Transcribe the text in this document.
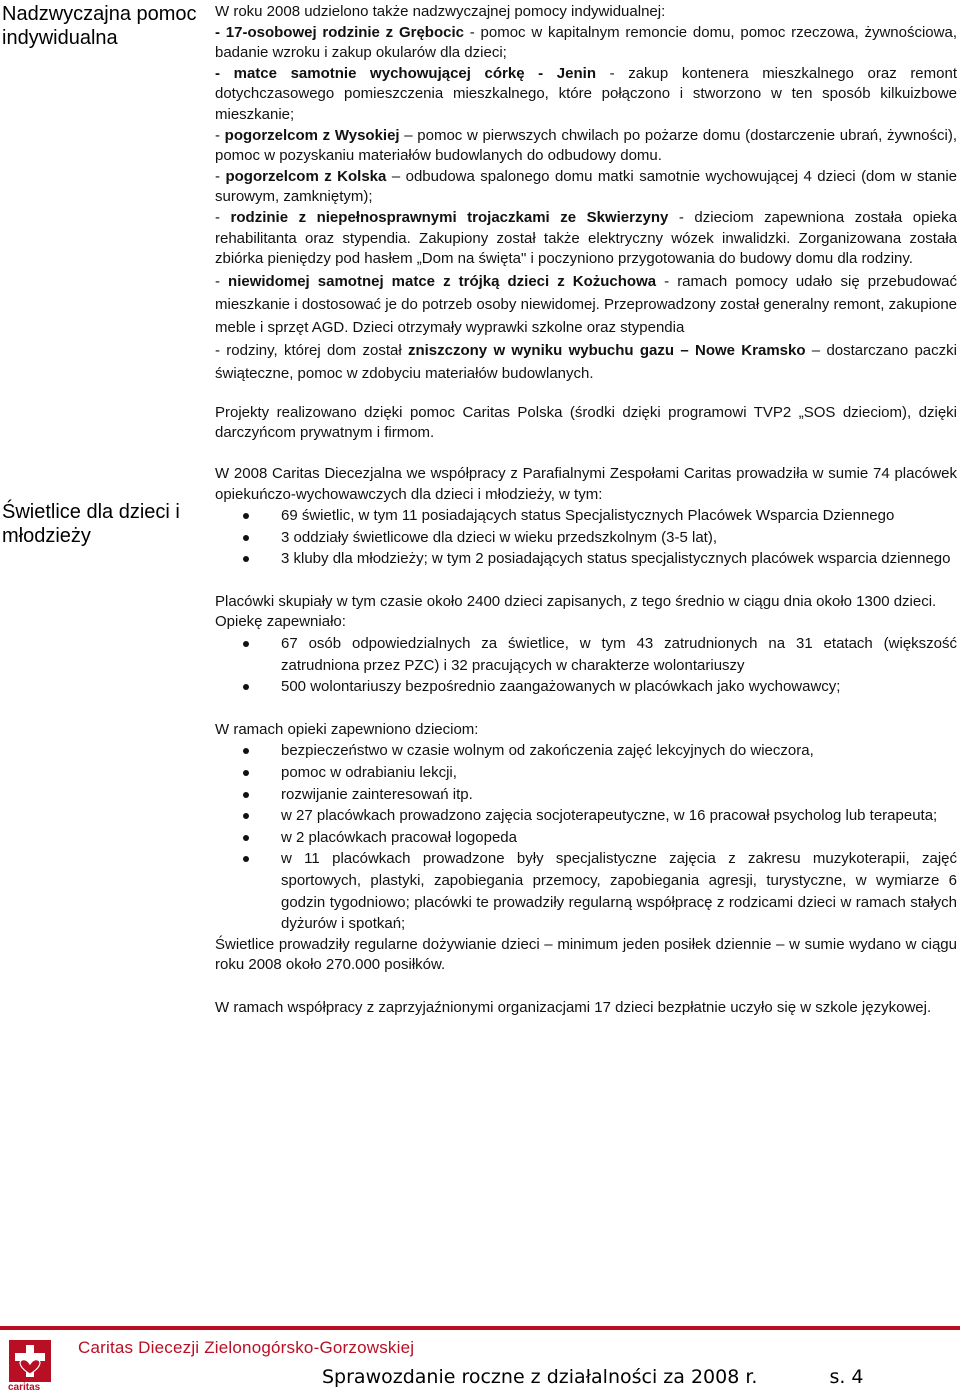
Nadzwyczajna pomoc indywidualna
Świetlice dla dzieci i młodzieży

W roku 2008 udzielono także nadzwyczajnej pomocy indywidualnej:

- 17-osobowej rodzinie z Grębocic - pomoc w kapitalnym remoncie domu, pomoc rzeczowa, żywnościowa, badanie wzroku i zakup okularów dla dzieci;

- matce samotnie wychowującej córkę - Jenin - zakup kontenera mieszkalnego oraz remont dotychczasowego pomieszczenia mieszkalnego, które połączono i stworzono w ten sposób kilkuizbowe mieszkanie;

- pogorzelcom z Wysokiej – pomoc w pierwszych chwilach po pożarze domu (dostarczenie ubrań, żywności), pomoc w pozyskaniu materiałów budowlanych do odbudowy domu.

- pogorzelcom z Kolska – odbudowa spalonego domu matki samotnie wychowującej 4 dzieci (dom w stanie surowym, zamkniętym);

- rodzinie z niepełnosprawnymi trojaczkami ze Skwierzyny - dzieciom zapewniona została opieka rehabilitanta oraz stypendia. Zakupiony został także elektryczny wózek inwalidzki. Zorganizowana została zbiórka pieniędzy pod hasłem „Dom na święta" i poczyniono przygotowania do budowy domu dla rodziny.

- niewidomej samotnej matce z trójką dzieci z Kożuchowa - ramach pomocy udało się przebudować mieszkanie i dostosować je do potrzeb osoby niewidomej. Przeprowadzony został generalny remont, zakupione meble i sprzęt AGD. Dzieci otrzymały wyprawki szkolne oraz stypendia

- rodziny, której dom został zniszczony w wyniku wybuchu gazu – Nowe Kramsko – dostarczano paczki świąteczne, pomoc w zdobyciu materiałów budowlanych.

Projekty realizowano dzięki pomoc Caritas Polska (środki dzięki programowi TVP2 „SOS dzieciom), dzięki darczyńcom prywatnym i firmom.

W 2008 Caritas Diecezjalna we współpracy z Parafialnymi Zespołami Caritas prowadziła w sumie 74 placówek opiekuńczo-wychowawczych dla dzieci i młodzieży, w tym:

69 świetlic, w tym 11 posiadających status Specjalistycznych Placówek Wsparcia Dziennego
3 oddziały świetlicowe dla dzieci w wieku przedszkolnym (3-5 lat),
3 kluby dla młodzieży; w tym 2 posiadających status specjalistycznych placówek wsparcia dziennego

Placówki skupiały w tym czasie około 2400 dzieci zapisanych, z tego średnio w ciągu dnia około 1300 dzieci.

Opiekę zapewniało:

67 osób odpowiedzialnych za świetlice, w tym 43 zatrudnionych na 31 etatach (większość zatrudniona przez PZC) i 32 pracujących w charakterze wolontariuszy
500 wolontariuszy bezpośrednio zaangażowanych w placówkach jako wychowawcy;

W ramach opieki zapewniono dzieciom:

bezpieczeństwo w czasie wolnym od zakończenia zajęć lekcyjnych do wieczora,
pomoc w odrabianiu lekcji,
rozwijanie zainteresowań itp.
w 27 placówkach prowadzono zajęcia socjoterapeutyczne, w 16 pracował psycholog lub terapeuta;
w 2 placówkach pracował logopeda
w 11 placówkach prowadzone były specjalistyczne zajęcia z zakresu muzykoterapii, zajęć sportowych, plastyki, zapobiegania przemocy, zapobiegania agresji, turystyczne, w wymiarze 6 godzin tygodniowo; placówki te prowadziły regularną współpracę z rodzicami dzieci w ramach stałych dyżurów i spotkań;

Świetlice prowadziły regularne dożywianie dzieci – minimum jeden posiłek dziennie – w sumie wydano w ciągu roku 2008 około 270.000 posiłków.

W ramach współpracy z zaprzyjaźnionymi organizacjami 17 dzieci bezpłatnie uczyło się w szkole językowej.

caritas
Caritas Diecezji Zielonogórsko-Gorzowskiej
Sprawozdanie roczne z działalności za 2008 r.	s. 4
